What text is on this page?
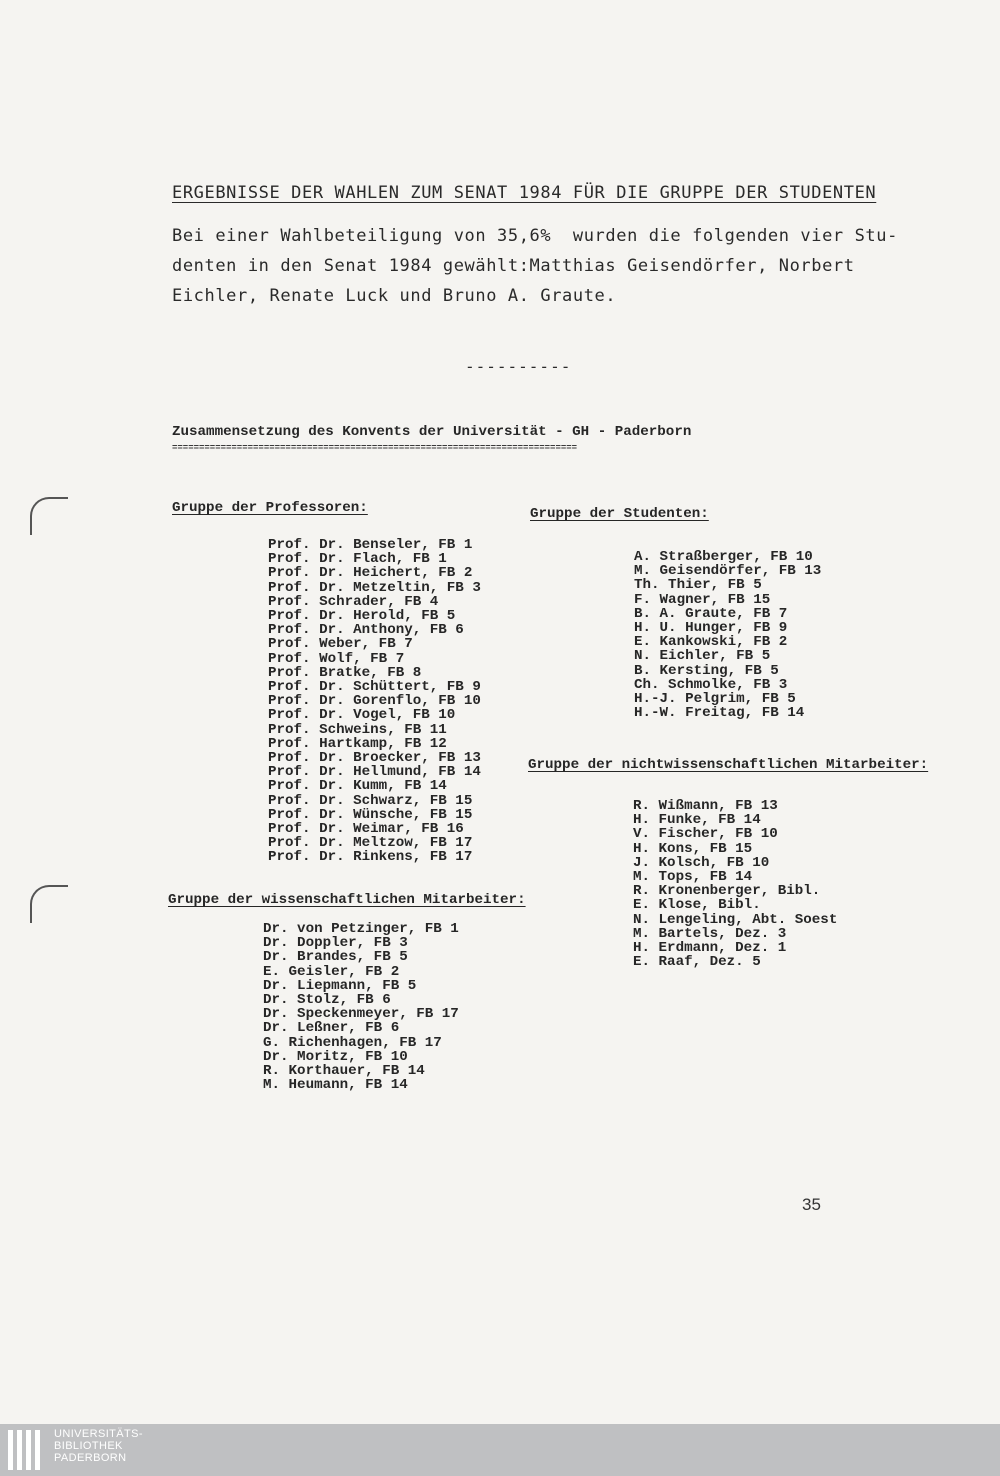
ERGEBNISSE DER WAHLEN ZUM SENAT 1984 FÜR DIE GRUPPE DER STUDENTEN
Bei einer Wahlbeteiligung von 35,6%  wurden die folgenden vier Stu-
denten in den Senat 1984 gewählt:Matthias Geisendörfer, Norbert
Eichler, Renate Luck und Bruno A. Graute.
----------
Zusammensetzung des Konvents der Universität - GH - Paderborn
===========================================================================
Gruppe der Professoren:
Prof. Dr. Benseler, FB 1
Prof. Dr. Flach, FB 1
Prof. Dr. Heichert, FB 2
Prof. Dr. Metzeltin, FB 3
Prof. Schrader, FB 4
Prof. Dr. Herold, FB 5
Prof. Dr. Anthony, FB 6
Prof. Weber, FB 7
Prof. Wolf, FB 7
Prof. Bratke, FB 8
Prof. Dr. Schüttert, FB 9
Prof. Dr. Gorenflo, FB 10
Prof. Dr. Vogel, FB 10
Prof. Schweins, FB 11
Prof. Hartkamp, FB 12
Prof. Dr. Broecker, FB 13
Prof. Dr. Hellmund, FB 14
Prof. Dr. Kumm, FB 14
Prof. Dr. Schwarz, FB 15
Prof. Dr. Wünsche, FB 15
Prof. Dr. Weimar, FB 16
Prof. Dr. Meltzow, FB 17
Prof. Dr. Rinkens, FB 17
Gruppe der wissenschaftlichen Mitarbeiter:
Dr. von Petzinger, FB 1
Dr. Doppler, FB 3
Dr. Brandes, FB 5
E. Geisler, FB 2
Dr. Liepmann, FB 5
Dr. Stolz, FB 6
Dr. Speckenmeyer, FB 17
Dr. Leßner, FB 6
G. Richenhagen, FB 17
Dr. Moritz, FB 10
R. Korthauer, FB 14
M. Heumann, FB 14
Gruppe der Studenten:
A. Straßberger, FB 10
M. Geisendörfer, FB 13
Th. Thier, FB 5
F. Wagner, FB 15
B. A. Graute, FB 7
H. U. Hunger, FB 9
E. Kankowski, FB 2
N. Eichler, FB 5
B. Kersting, FB 5
Ch. Schmolke, FB 3
H.-J. Pelgrim, FB 5
H.-W. Freitag, FB 14
Gruppe der nichtwissenschaftlichen Mitarbeiter:
R. Wißmann, FB 13
H. Funke, FB 14
V. Fischer, FB 10
H. Kons, FB 15
J. Kolsch, FB 10
M. Tops, FB 14
R. Kronenberger, Bibl.
E. Klose, Bibl.
N. Lengeling, Abt. Soest
M. Bartels, Dez. 3
H. Erdmann, Dez. 1
E. Raaf, Dez. 5
35
UNIVERSITÄTS-
BIBLIOTHEK
PADERBORN
